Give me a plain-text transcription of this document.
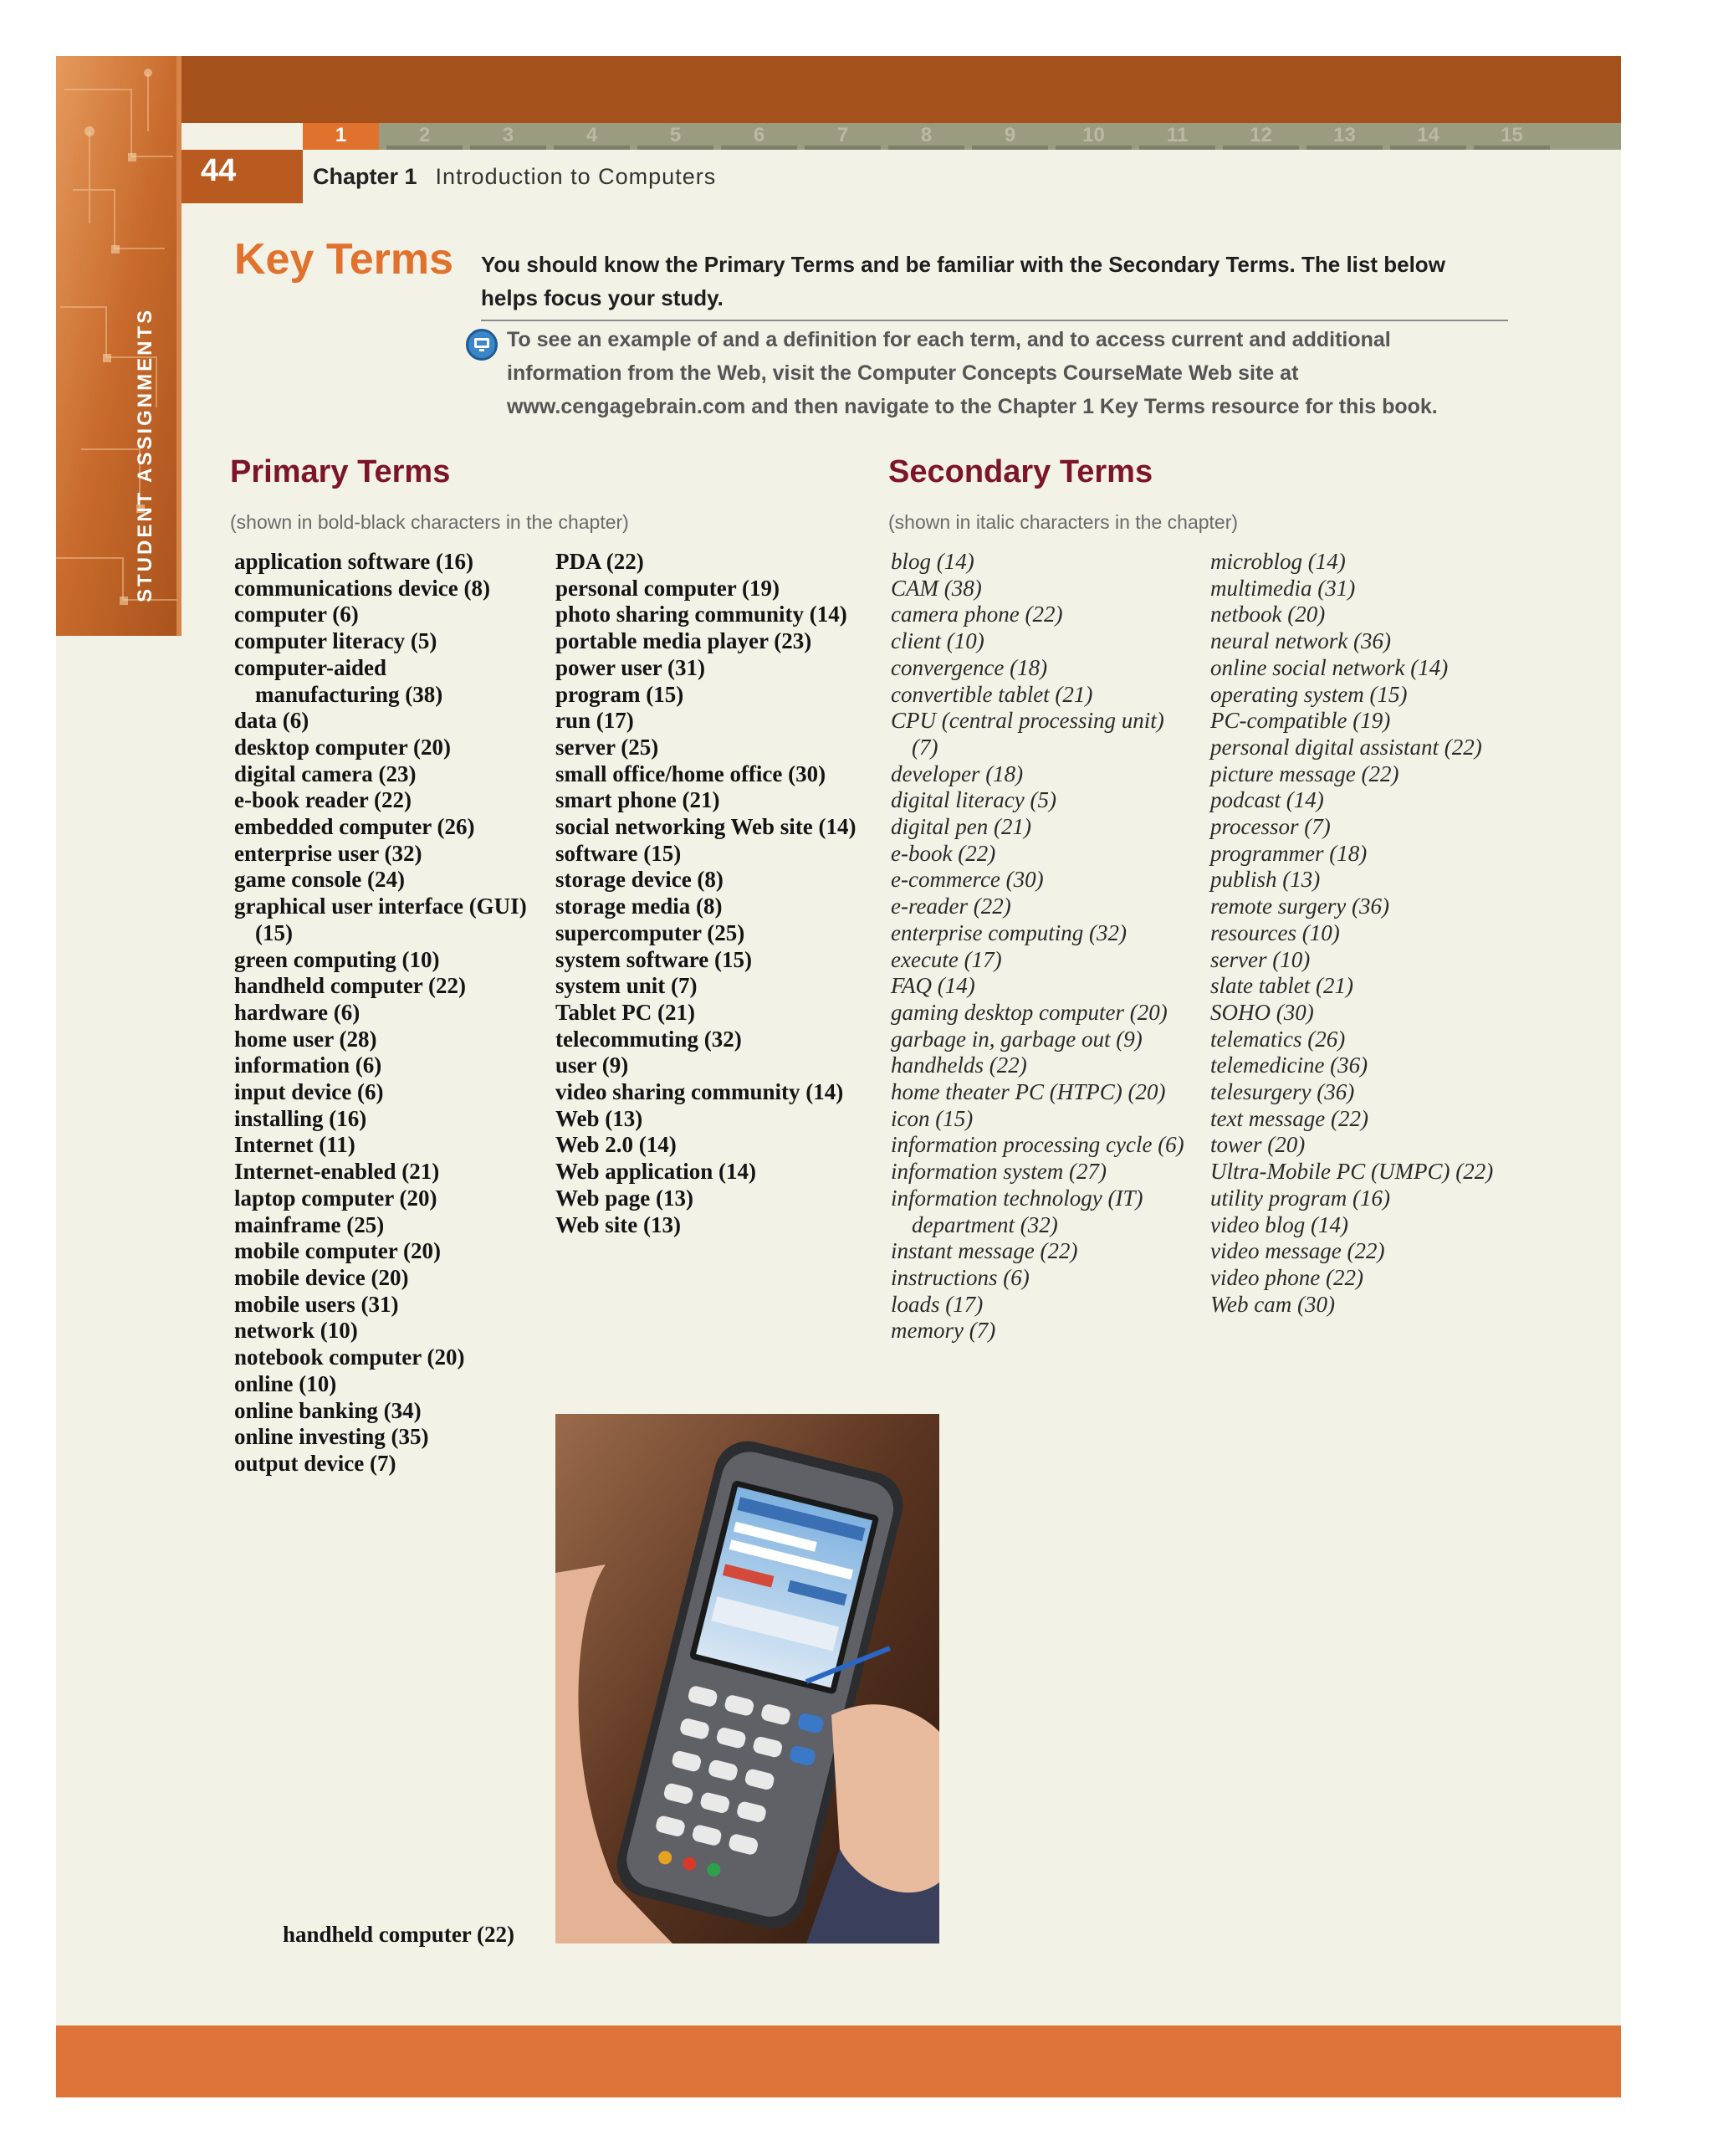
1	2	3	4	5	6	7	8	9	10	11	12	13	14	15
STUDENT ASSIGNMENTS
44	Chapter 1 Introduction to Computers
Key Terms You should know the Primary Terms and be familiar with the Secondary Terms. The list below helps focus your study.
To see an example of and a definition for each term, and to access current and additional information from the Web, visit the Computer Concepts CourseMate Web site at www.cengagebrain.com and then navigate to the Chapter 1 Key Terms resource for this book.
Primary Terms
(shown in bold-black characters in the chapter)
Secondary Terms
(shown in italic characters in the chapter)
application software (16)
communications device (8)
computer (6)
computer literacy (5)
computer-aided manufacturing (38)
data (6)
desktop computer (20)
digital camera (23)
e-book reader (22)
embedded computer (26)
enterprise user (32)
game console (24)
graphical user interface (GUI) (15)
green computing (10)
handheld computer (22)
hardware (6)
home user (28)
information (6)
input device (6)
installing (16)
Internet (11)
Internet-enabled (21)
laptop computer (20)
mainframe (25)
mobile computer (20)
mobile device (20)
mobile users (31)
network (10)
notebook computer (20)
online (10)
online banking (34)
online investing (35)
output device (7)
PDA (22)
personal computer (19)
photo sharing community (14)
portable media player (23)
power user (31)
program (15)
run (17)
server (25)
small office/home office (30)
smart phone (21)
social networking Web site (14)
software (15)
storage device (8)
storage media (8)
supercomputer (25)
system software (15)
system unit (7)
Tablet PC (21)
telecommuting (32)
user (9)
video sharing community (14)
Web (13)
Web 2.0 (14)
Web application (14)
Web page (13)
Web site (13)
blog (14)
CAM (38)
camera phone (22)
client (10)
convergence (18)
convertible tablet (21)
CPU (central processing unit) (7)
developer (18)
digital literacy (5)
digital pen (21)
e-book (22)
e-commerce (30)
e-reader (22)
enterprise computing (32)
execute (17)
FAQ (14)
gaming desktop computer (20)
garbage in, garbage out (9)
handhelds (22)
home theater PC (HTPC) (20)
icon (15)
information processing cycle (6)
information system (27)
information technology (IT) department (32)
instant message (22)
instructions (6)
loads (17)
memory (7)
microblog (14)
multimedia (31)
netbook (20)
neural network (36)
online social network (14)
operating system (15)
PC-compatible (19)
personal digital assistant (22)
picture message (22)
podcast (14)
processor (7)
programmer (18)
publish (13)
remote surgery (36)
resources (10)
server (10)
slate tablet (21)
SOHO (30)
telematics (26)
telemedicine (36)
telesurgery (36)
text message (22)
tower (20)
Ultra-Mobile PC (UMPC) (22)
utility program (16)
video blog (14)
video message (22)
video phone (22)
Web cam (30)
handheld computer (22)
